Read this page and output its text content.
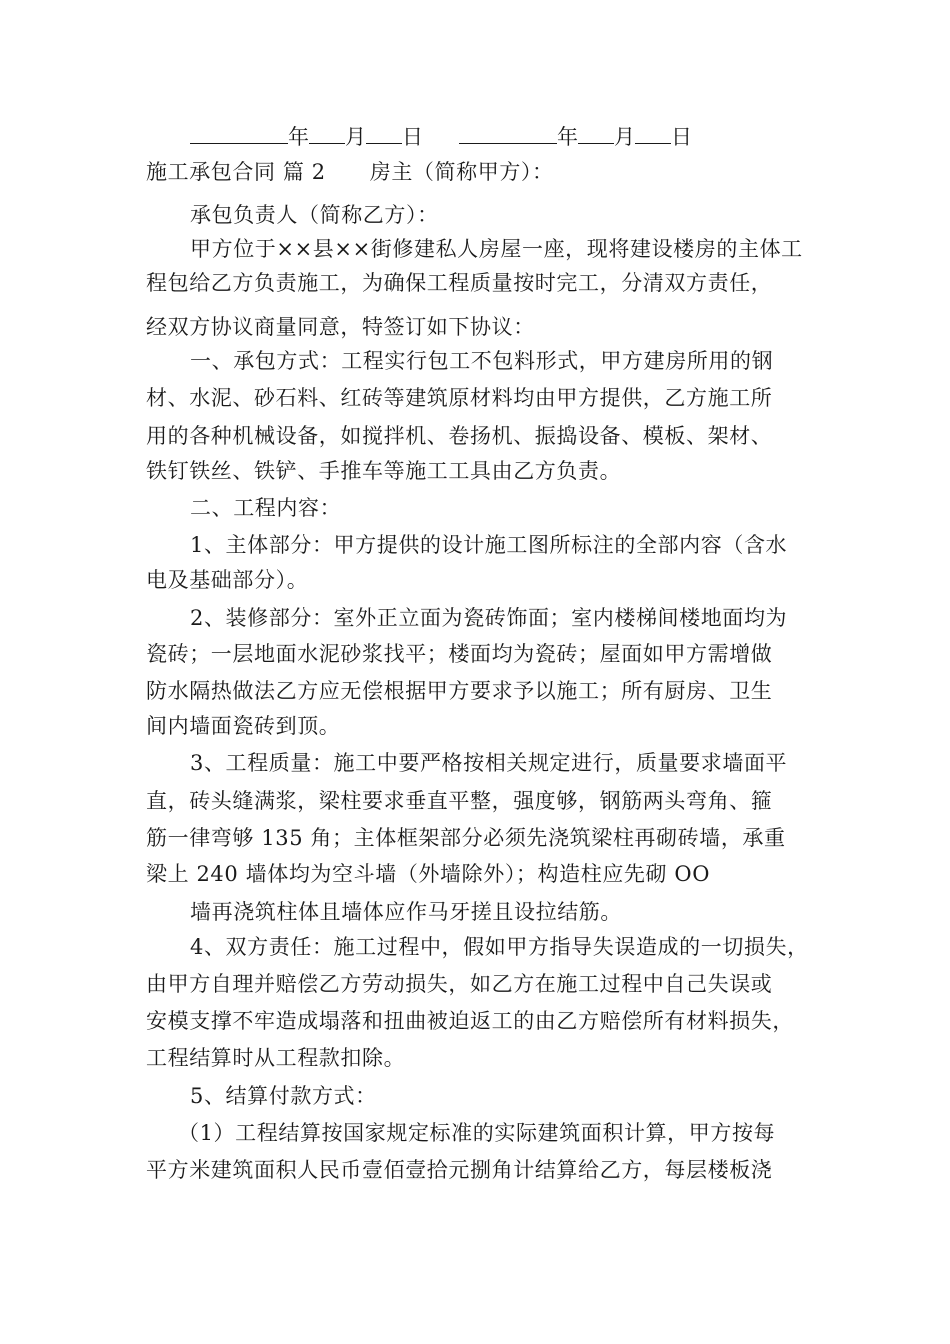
年 月 日	年 月 日
施工承包合同 篇 2 房主（简称甲方）：
承包负责人（简称乙方）：
甲方位于××县××街修建私人房屋一座，现将建设楼房的主体工
程包给乙方负责施工，为确保工程质量按时完工，分清双方责任，
经双方协议商量同意，特签订如下协议：
一、承包方式：工程实行包工不包料形式，甲方建房所用的钢
材、水泥、砂石料、红砖等建筑原材料均由甲方提供，乙方施工所
用的各种机械设备，如搅拌机、卷扬机、振捣设备、模板、架材、
铁钉铁丝、铁铲、手推车等施工工具由乙方负责。
二、工程内容：
1、主体部分：甲方提供的设计施工图所标注的全部内容（含水
电及基础部分）。
2、装修部分：室外正立面为瓷砖饰面；室内楼梯间楼地面均为
瓷砖；一层地面水泥砂浆找平；楼面均为瓷砖；屋面如甲方需增做
防水隔热做法乙方应无偿根据甲方要求予以施工；所有厨房、卫生
间内墙面瓷砖到顶。
3、工程质量：施工中要严格按相关规定进行，质量要求墙面平
直，砖头缝满浆，梁柱要求垂直平整，强度够，钢筋两头弯角、箍
筋一律弯够 135 角；主体框架部分必须先浇筑梁柱再砌砖墙，承重
梁上 240 墙体均为空斗墙（外墙除外）；构造柱应先砌 OO
墙再浇筑柱体且墙体应作马牙搓且设拉结筋。
4、双方责任：施工过程中，假如甲方指导失误造成的一切损失，
由甲方自理并赔偿乙方劳动损失，如乙方在施工过程中自己失误或
安模支撑不牢造成塌落和扭曲被迫返工的由乙方赔偿所有材料损失，
工程结算时从工程款扣除。
5、结算付款方式：
（1）工程结算按国家规定标准的实际建筑面积计算，甲方按每
平方米建筑面积人民币壹佰壹拾元捌角计结算给乙方，每层楼板浇
